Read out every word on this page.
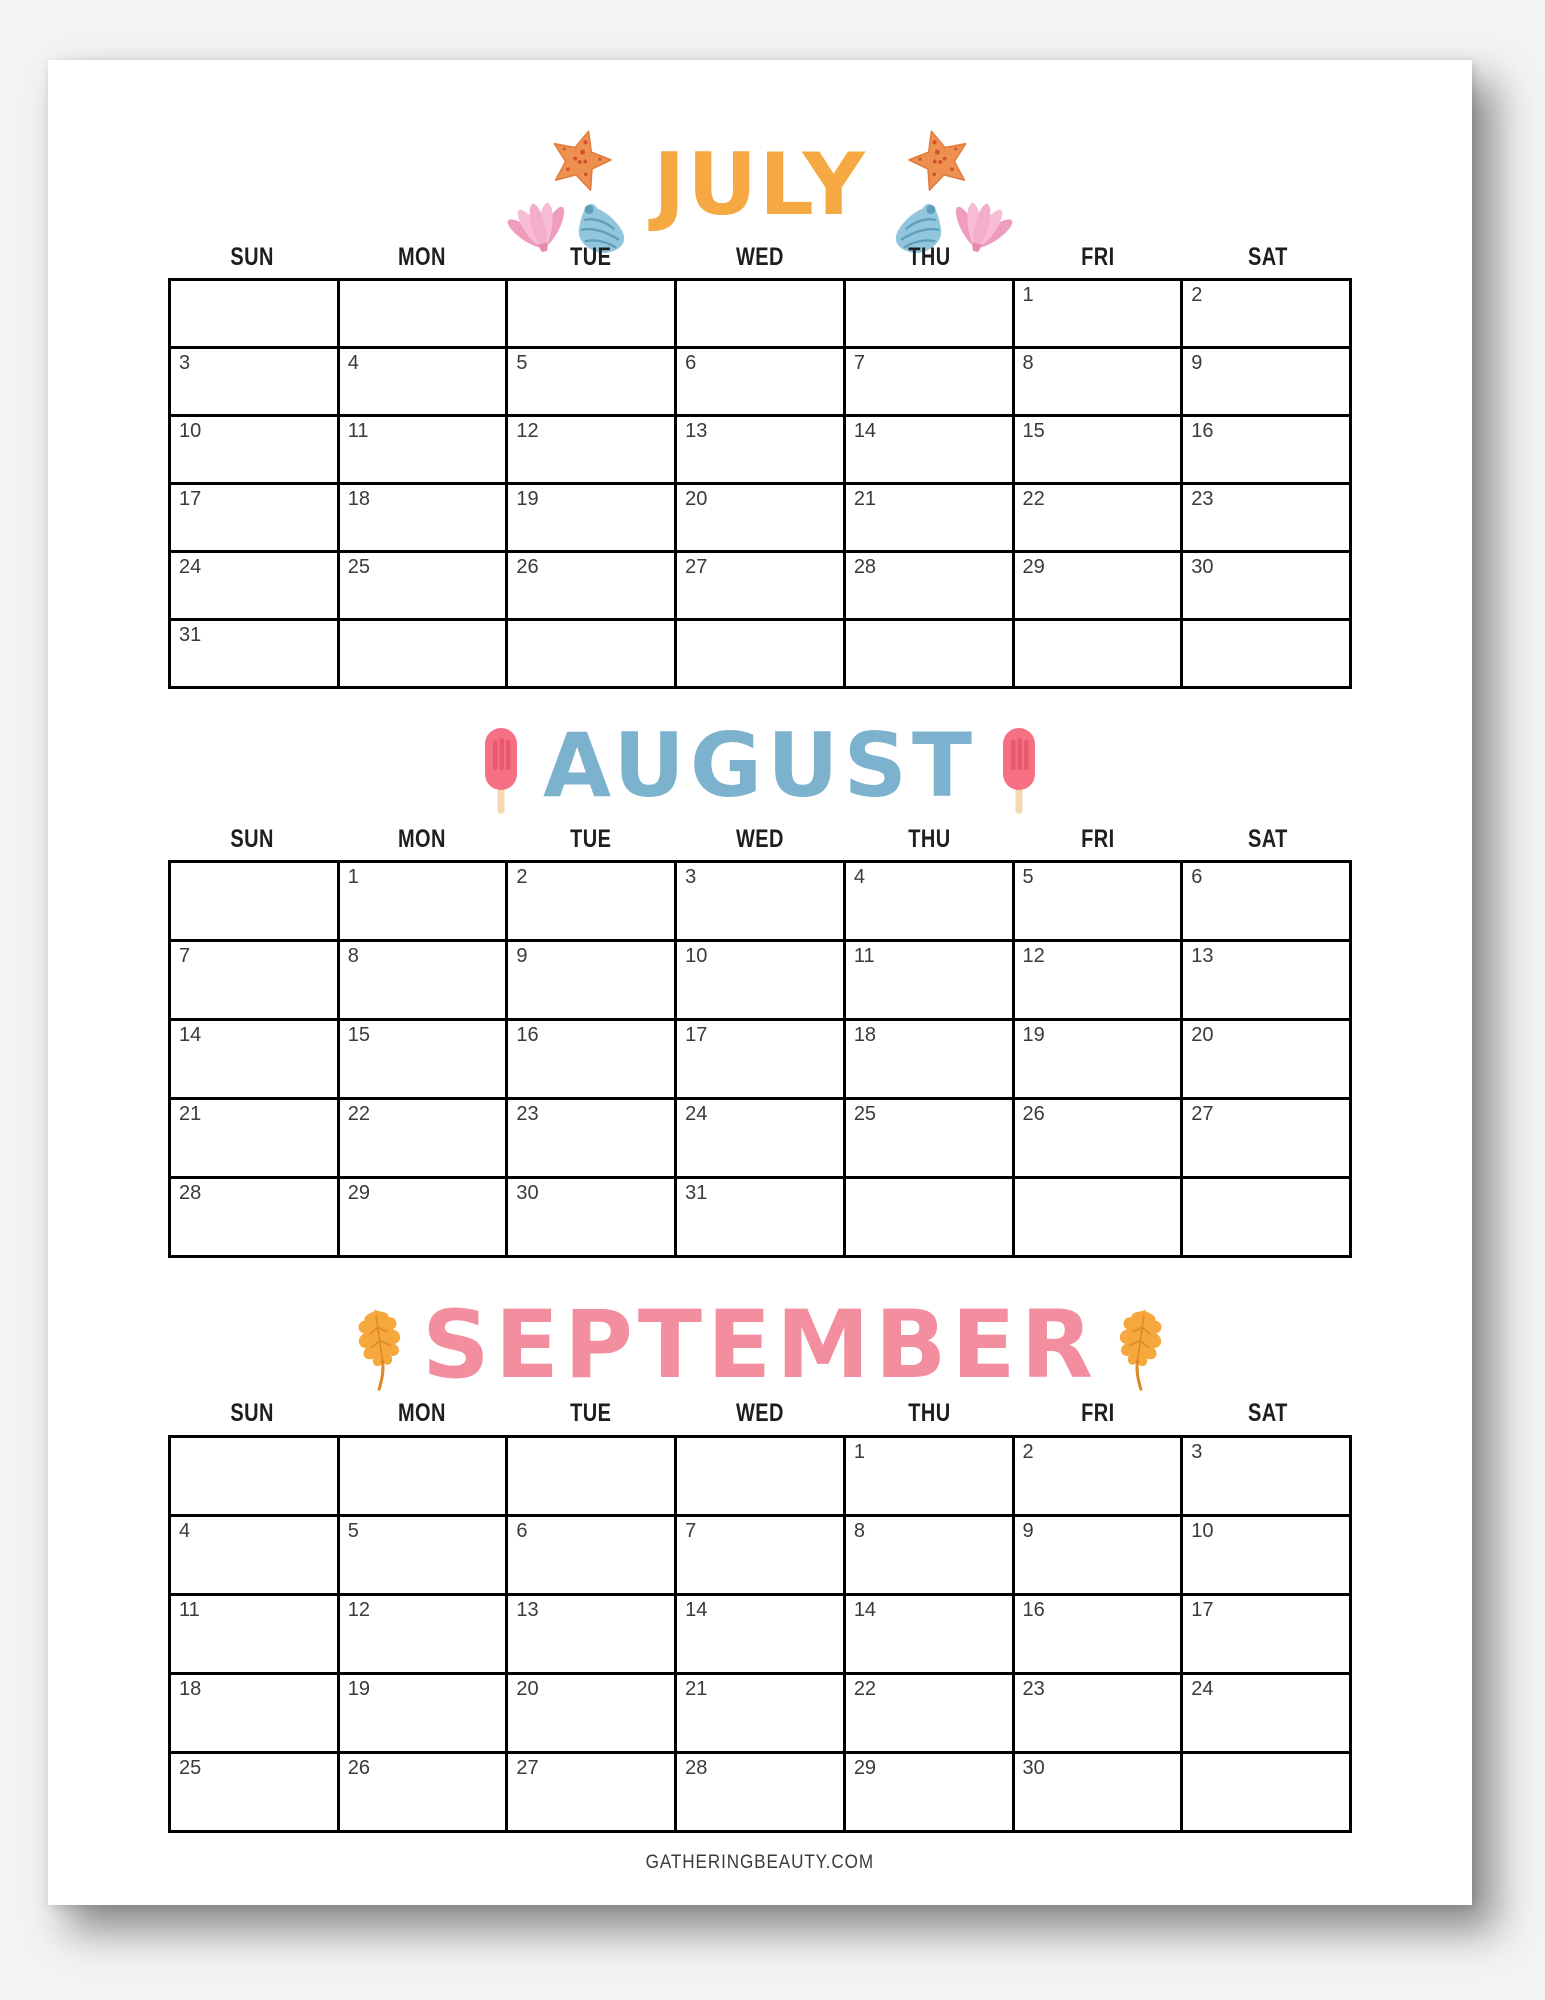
JULY
SUN	MON	TUE	WED	THU	FRI	SAT
					1	2
3	4	5	6	7	8	9
10	11	12	13	14	15	16
17	18	19	20	21	22	23
24	25	26	27	28	29	30
31						
AUGUST
SUN	MON	TUE	WED	THU	FRI	SAT
	1	2	3	4	5	6
7	8	9	10	11	12	13
14	15	16	17	18	19	20
21	22	23	24	25	26	27
28	29	30	31			
SEPTEMBER
SUN	MON	TUE	WED	THU	FRI	SAT
				1	2	3
4	5	6	7	8	9	10
11	12	13	14	14	16	17
18	19	20	21	22	23	24
25	26	27	28	29	30	
GATHERINGBEAUTY.COM
